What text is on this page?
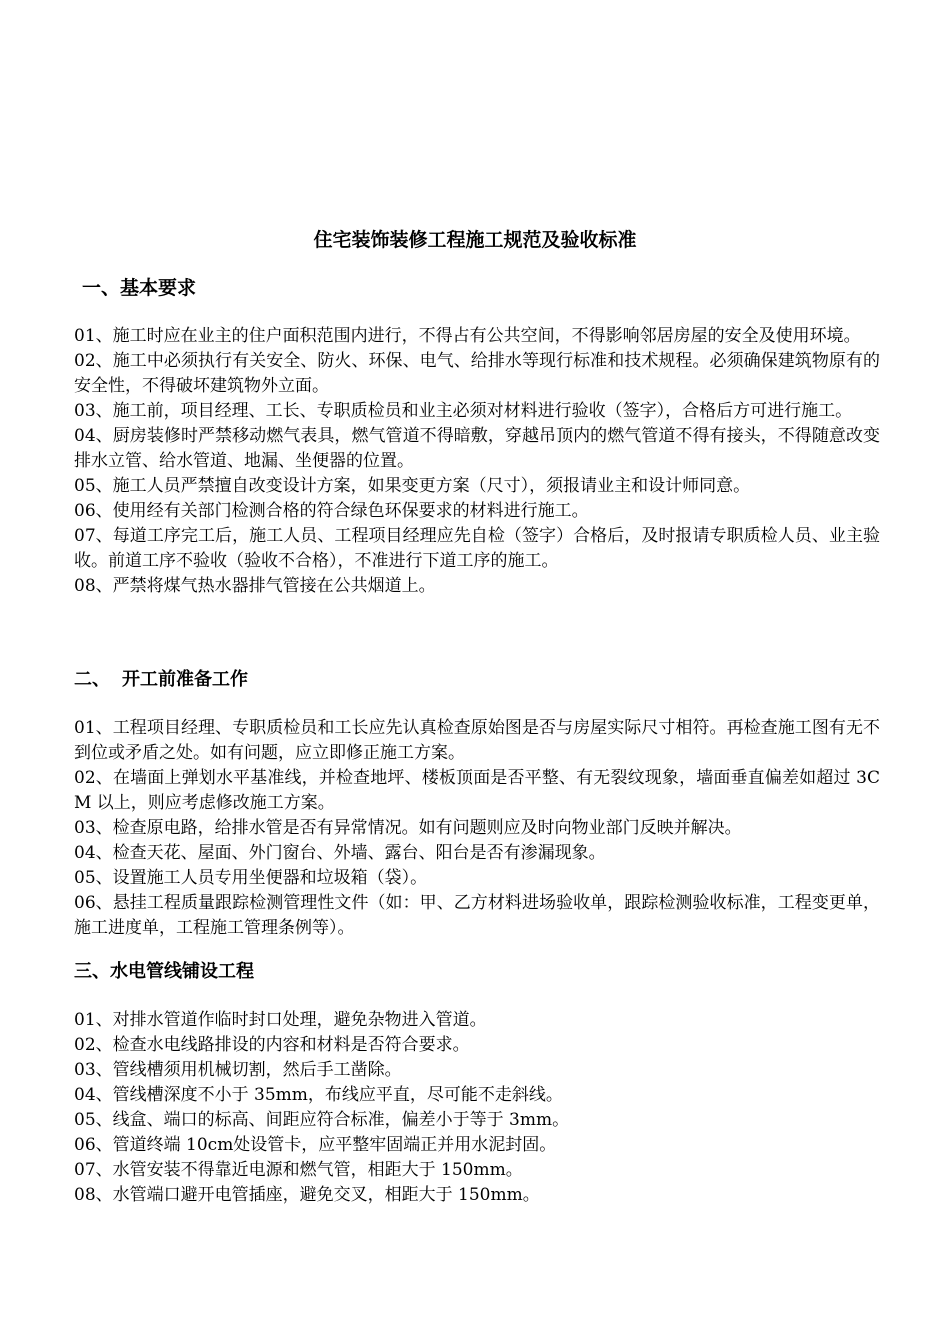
住宅装饰装修工程施工规范及验收标准
一、基本要求
01、施工时应在业主的住户面积范围内进行，不得占有公共空间，不得影响邻居房屋的安全及使用环境。
02、施工中必须执行有关安全、防火、环保、电气、给排水等现行标准和技术规程。必须确保建筑物原有的安全性，不得破坏建筑物外立面。
03、施工前，项目经理、工长、专职质检员和业主必须对材料进行验收（签字），合格后方可进行施工。
04、厨房装修时严禁移动燃气表具，燃气管道不得暗敷，穿越吊顶内的燃气管道不得有接头，不得随意改变排水立管、给水管道、地漏、坐便器的位置。
05、施工人员严禁擅自改变设计方案，如果变更方案（尺寸），须报请业主和设计师同意。
06、使用经有关部门检测合格的符合绿色环保要求的材料进行施工。
07、每道工序完工后，施工人员、工程项目经理应先自检（签字）合格后，及时报请专职质检人员、业主验收。前道工序不验收（验收不合格），不准进行下道工序的施工。
08、严禁将煤气热水器排气管接在公共烟道上。
二、 开工前准备工作
01、工程项目经理、专职质检员和工长应先认真检查原始图是否与房屋实际尺寸相符。再检查施工图有无不到位或矛盾之处。如有问题，应立即修正施工方案。
02、在墙面上弹划水平基准线，并检查地坪、楼板顶面是否平整、有无裂纹现象，墙面垂直偏差如超过 3CM 以上，则应考虑修改施工方案。
03、检查原电路，给排水管是否有异常情况。如有问题则应及时向物业部门反映并解决。
04、检查天花、屋面、外门窗台、外墙、露台、阳台是否有渗漏现象。
05、设置施工人员专用坐便器和垃圾箱（袋）。
06、悬挂工程质量跟踪检测管理性文件（如：甲、乙方材料进场验收单，跟踪检测验收标准，工程变更单，施工进度单，工程施工管理条例等）。
三、水电管线铺设工程
01、对排水管道作临时封口处理，避免杂物进入管道。
02、检查水电线路排设的内容和材料是否符合要求。
03、管线槽须用机械切割，然后手工凿除。
04、管线槽深度不小于 35mm，布线应平直，尽可能不走斜线。
05、线盒、端口的标高、间距应符合标准，偏差小于等于 3mm。
06、管道终端 10cm处设管卡，应平整牢固端正并用水泥封固。
07、水管安装不得靠近电源和燃气管，相距大于 150mm。
08、水管端口避开电管插座，避免交叉，相距大于 150mm。
